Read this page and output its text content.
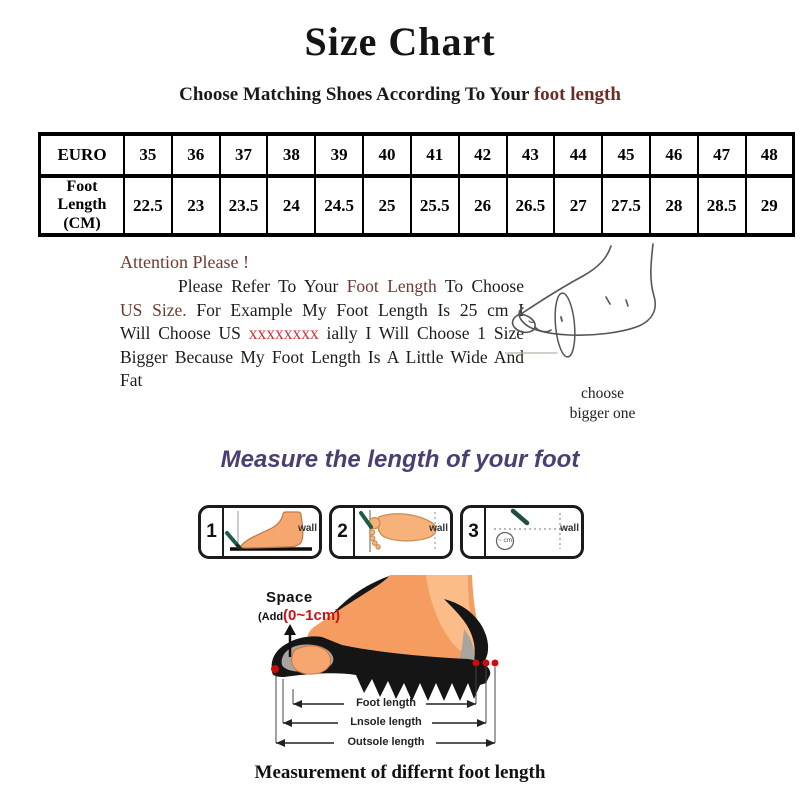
Size Chart
Choose Matching Shoes According To Your foot length
EURO	35	36	37	38	39	40	41	42	43	44	45	46	47	48
Foot Length (CM)	22.5	23	23.5	24	24.5	25	25.5	26	26.5	27	27.5	28	28.5	29
Attention Please !

Please Refer To Your Foot Length To Choose US Size. For Example My Foot Length Is 25 cm I Will Choose US xxxxxxxx ially I Will Choose 1 Size Bigger Because My Foot Length Is A Little Wide And Fat

choose
bigger one
Measure the length of your foot
1	wall 2	wall 3	~ cm
wall
Space
(Add(0~1cm)
Foot length
Lnsole length
Outsole length
Measurement of differnt foot length
